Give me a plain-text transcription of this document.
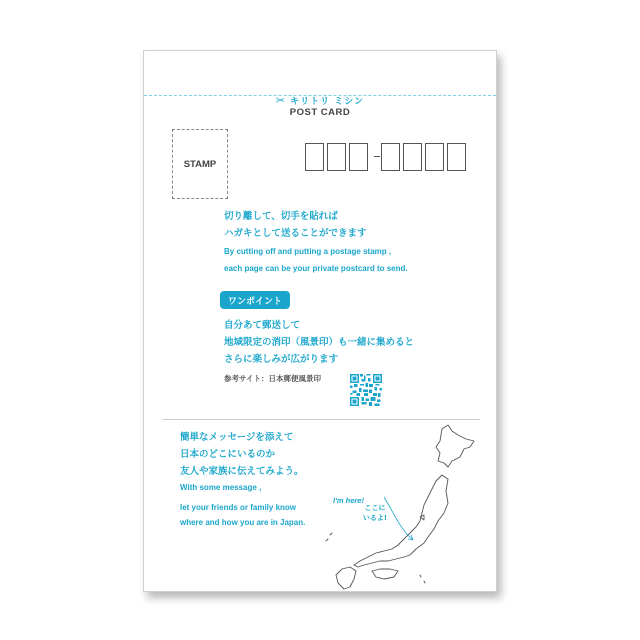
✂ キリトリ ミシン
POST CARD
STAMP
切り離して、切手を貼れば
ハガキとして送ることができます
By cutting off and putting a postage stamp ,
each page can be your private postcard to send.
ワンポイント
自分あて郵送して
地域限定の消印（風景印）も一緒に集めると
さらに楽しみが広がります
参考サイト：日本郵便風景印
簡単なメッセージを添えて
日本のどこにいるのか
友人や家族に伝えてみよう。
With some message ,
let your friends or family know
where and how you are in Japan.
I'm here!
ここに
いるよ!
